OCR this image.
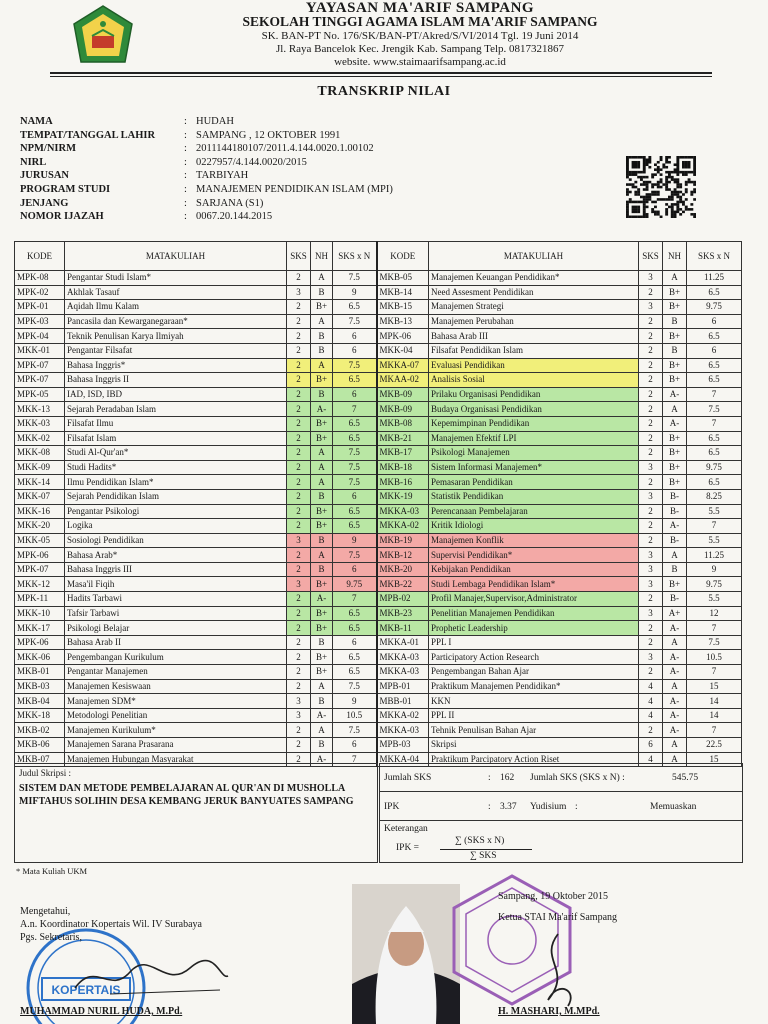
YAYASAN MA'ARIF SAMPANG
SEKOLAH TINGGI AGAMA ISLAM MA'ARIF SAMPANG
SK. BAN-PT No. 176/SK/BAN-PT/Akred/S/VI/2014 Tgl. 19 Juni 2014
Jl. Raya Bancelok Kec. Jrengik Kab. Sampang Telp. 0817321867
website. www.staimaarifsampang.ac.id
TRANSKRIP NILAI
NAMA	: HUDAH
TEMPAT/TANGGAL LAHIR	: SAMPANG , 12 OKTOBER 1991
NPM/NIRM	: 2011144180107/2011.4.144.0020.1.00102
NIRL	: 0227957/4.144.0020/2015
JURUSAN	: TARBIYAH
PROGRAM STUDI	: MANAJEMEN PENDIDIKAN ISLAM (MPI)
JENJANG	: SARJANA (S1)
NOMOR IJAZAH	: 0067.20.144.2015
KODE	MATAKULIAH	SKS	NH	SKS x N	KODE	MATAKULIAH	SKS	NH	SKS x N
MPK-08	Pengantar Studi Islam*	2	A	7.5	MKB-05	Manajemen Keuangan Pendidikan*	3	A	11.25
MPK-02	Akhlak Tasauf	3	B	9	MKB-14	Need Assesment Pendidikan	2	B+	6.5
MPK-01	Aqidah Ilmu Kalam	2	B+	6.5	MKB-15	Manajemen Strategi	3	B+	9.75
MPK-03	Pancasila dan Kewarganegaraan*	2	A	7.5	MKB-13	Manajemen Perubahan	2	B	6
MPK-04	Teknik Penulisan Karya Ilmiyah	2	B	6	MPK-06	Bahasa Arab III	2	B+	6.5
MKK-01	Pengantar Filsafat	2	B	6	MKK-04	Filsafat Pendidikan Islam	2	B	6
MPK-07	Bahasa Inggris*	2	A	7.5	MKKA-07	Evaluasi Pendidikan	2	B+	6.5
MPK-07	Bahasa Inggris II	2	B+	6.5	MKAA-02	Analisis Sosial	2	B+	6.5
MPK-05	IAD, ISD, IBD	2	B	6	MKB-09	Prilaku Organisasi Pendidikan	2	A-	7
MKK-13	Sejarah Peradaban Islam	2	A-	7	MKB-09	Budaya Organisasi Pendidikan	2	A	7.5
MKK-03	Filsafat Ilmu	2	B+	6.5	MKB-08	Kepemimpinan Pendidikan	2	A-	7
MKK-02	Filsafat Islam	2	B+	6.5	MKB-21	Manajemen Efektif LPI	2	B+	6.5
MKK-08	Studi Al-Qur'an*	2	A	7.5	MKB-17	Psikologi Manajemen	2	B+	6.5
MKK-09	Studi Hadits*	2	A	7.5	MKB-18	Sistem Informasi Manajemen*	3	B+	9.75
MKK-14	Ilmu Pendidikan Islam*	2	A	7.5	MKB-16	Pemasaran Pendidikan	2	B+	6.5
MKK-07	Sejarah Pendidikan Islam	2	B	6	MKK-19	Statistik Pendidikan	3	B-	8.25
MKK-16	Pengantar Psikologi	2	B+	6.5	MKKA-03	Perencanaan Pembelajaran	2	B-	5.5
MKK-20	Logika	2	B+	6.5	MKKA-02	Kritik Idiologi	2	A-	7
MKK-05	Sosiologi Pendidikan	3	B	9	MKB-19	Manajemen Konflik	2	B-	5.5
MPK-06	Bahasa Arab*	2	A	7.5	MKB-12	Supervisi Pendidikan*	3	A	11.25
MPK-07	Bahasa Inggris III	2	B	6	MKB-20	Kebijakan Pendidikan	3	B	9
MKK-12	Masa'il Fiqih	3	B+	9.75	MKB-22	Studi Lembaga Pendidikan Islam*	3	B+	9.75
MPK-11	Hadits Tarbawi	2	A-	7	MPB-02	Profil Manajer,Supervisor,Administrator	2	B-	5.5
MKK-10	Tafsir Tarbawi	2	B+	6.5	MKB-23	Penelitian Manajemen Pendidikan	3	A+	12
MKK-17	Psikologi Belajar	2	B+	6.5	MKB-11	Prophetic Leadership	2	A-	7
MPK-06	Bahasa Arab II	2	B	6	MKKA-01	PPL I	2	A	7.5
MKK-06	Pengembangan Kurikulum	2	B+	6.5	MKKA-03	Participatory Action Research	3	A-	10.5
MKB-01	Pengantar Manajemen	2	B+	6.5	MKKA-03	Pengembangan Bahan Ajar	2	A-	7
MKB-03	Manajemen Kesiswaan	2	A	7.5	MPB-01	Praktikum Manajemen Pendidikan*	4	A	15
MKB-04	Manajemen SDM*	3	B	9	MBB-01	KKN	4	A-	14
MKK-18	Metodologi Penelitian	3	A-	10.5	MKKA-02	PPL II	4	A-	14
MKB-02	Manajemen Kurikulum*	2	A	7.5	MKKA-03	Tehnik Penulisan Bahan Ajar	2	A-	7
MKB-06	Manajemen Sarana Prasarana	2	B	6	MPB-03	Skripsi	6	A	22.5
MKB-07	Manajemen Hubungan Masyarakat	2	A-	7	MKKA-04	Praktikum Parcipatory Action Riset	4	A	15
Judul Skripsi :
SISTEM DAN METODE PEMBELAJARAN AL QUR'AN DI MUSHOLLA MIFTAHUS SOLIHIN DESA KEMBANG JERUK BANYUATES SAMPANG
Jumlah SKS	: 162 Jumlah SKS (SKS x N) :	545.75
IPK	: 3.37 Yudisium :	Memuaskan
Keterangan
IPK =
∑ (SKS x N)
∑ SKS
* Mata Kuliah UKM
KOPERTAIS
Mengetahui,
A.n. Koordinator Kopertais Wil. IV Surabaya
Pgs. Sekretaris,
MUHAMMAD NURIL HUDA, M.Pd.
Sampang, 19 Oktober 2015
Ketua STAI Ma'arif Sampang
H. MASHARI, M.MPd.
